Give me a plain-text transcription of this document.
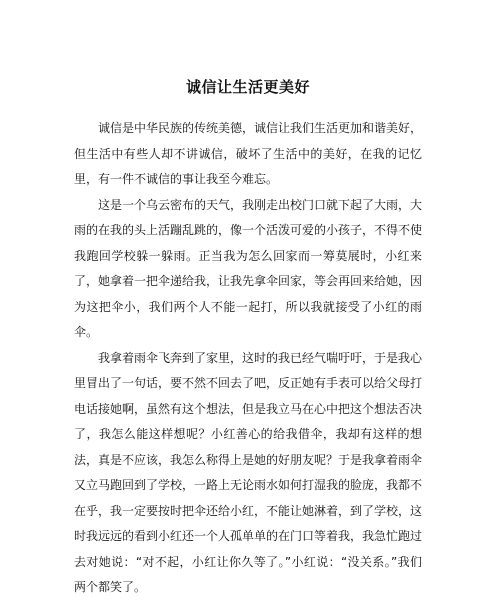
诚信让生活更美好

诚信是中华民族的传统美德，诚信让我们生活更加和谐美好，但生活中有些人却不讲诚信，破坏了生活中的美好，在我的记忆里，有一件不诚信的事让我至今难忘。

这是一个乌云密布的天气，我刚走出校门口就下起了大雨，大雨的在我的头上活蹦乱跳的，像一个活泼可爱的小孩子，不得不使我跑回学校躲一躲雨。正当我为怎么回家而一筹莫展时，小红来了，她拿着一把伞递给我，让我先拿伞回家，等会再回来给她，因为这把伞小，我们两个人不能一起打，所以我就接受了小红的雨伞。

我拿着雨伞飞奔到了家里，这时的我已经气喘吁吁，于是我心里冒出了一句话，要不然不回去了吧，反正她有手表可以给父母打电话接她啊，虽然有这个想法，但是我立马在心中把这个想法否决了，我怎么能这样想呢？小红善心的给我借伞，我却有这样的想法，真是不应该，我怎么称得上是她的好朋友呢？于是我拿着雨伞又立马跑回到了学校，一路上无论雨水如何打湿我的脸庞，我都不在乎，我一定要按时把伞还给小红，不能让她淋着，到了学校，这时我远远的看到小红还一个人孤单单的在门口等着我，我急忙跑过去对她说：“对不起，小红让你久等了。”小红说：“没关系。”我们两个都笑了。
